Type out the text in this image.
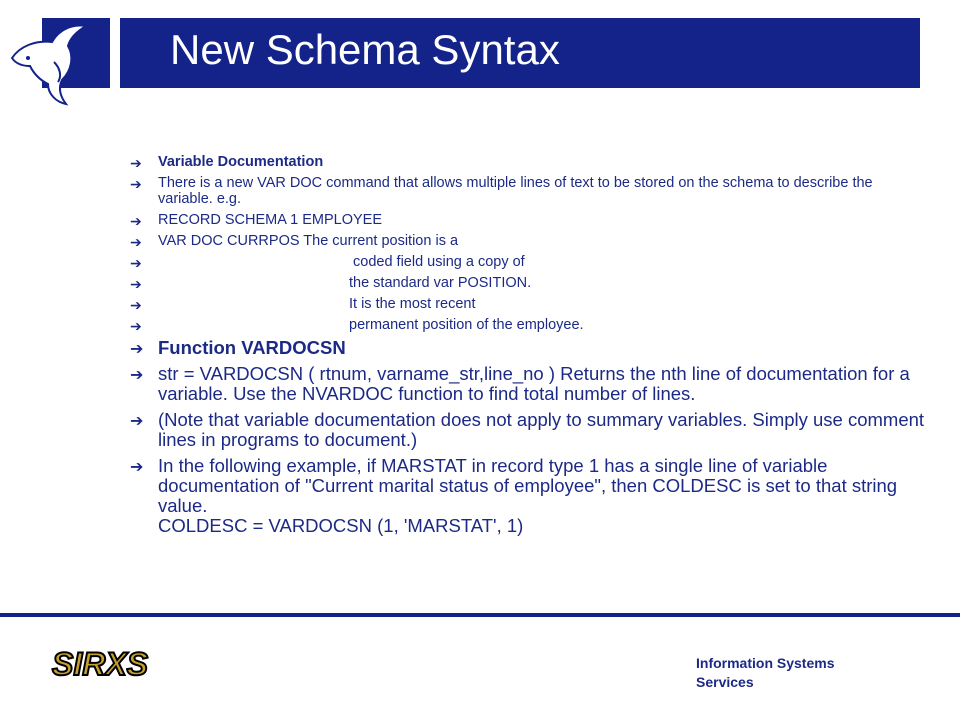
New Schema Syntax
➔ Variable Documentation
➔ There is a new VAR DOC command that allows multiple lines of text to be stored on the schema to describe the variable. e.g.
➔ RECORD SCHEMA 1 EMPLOYEE
➔ VAR DOC CURRPOS The current position is a
➔	coded field using a copy of
➔	the standard var POSITION.
➔	It is the most recent
➔	permanent position of the employee.
➔ Function VARDOCSN
➔ str = VARDOCSN ( rtnum, varname_str,line_no ) Returns the nth line of documentation for a variable. Use the NVARDOC function to find total number of lines.
➔ (Note that variable documentation does not apply to summary variables. Simply use comment lines in programs to document.)
➔ In the following example, if MARSTAT in record type 1 has a single line of variable documentation of "Current marital status of employee", then COLDESC is set to that string value.
COLDESC = VARDOCSN (1, 'MARSTAT', 1)
SIRXS	Information Systems
Services
